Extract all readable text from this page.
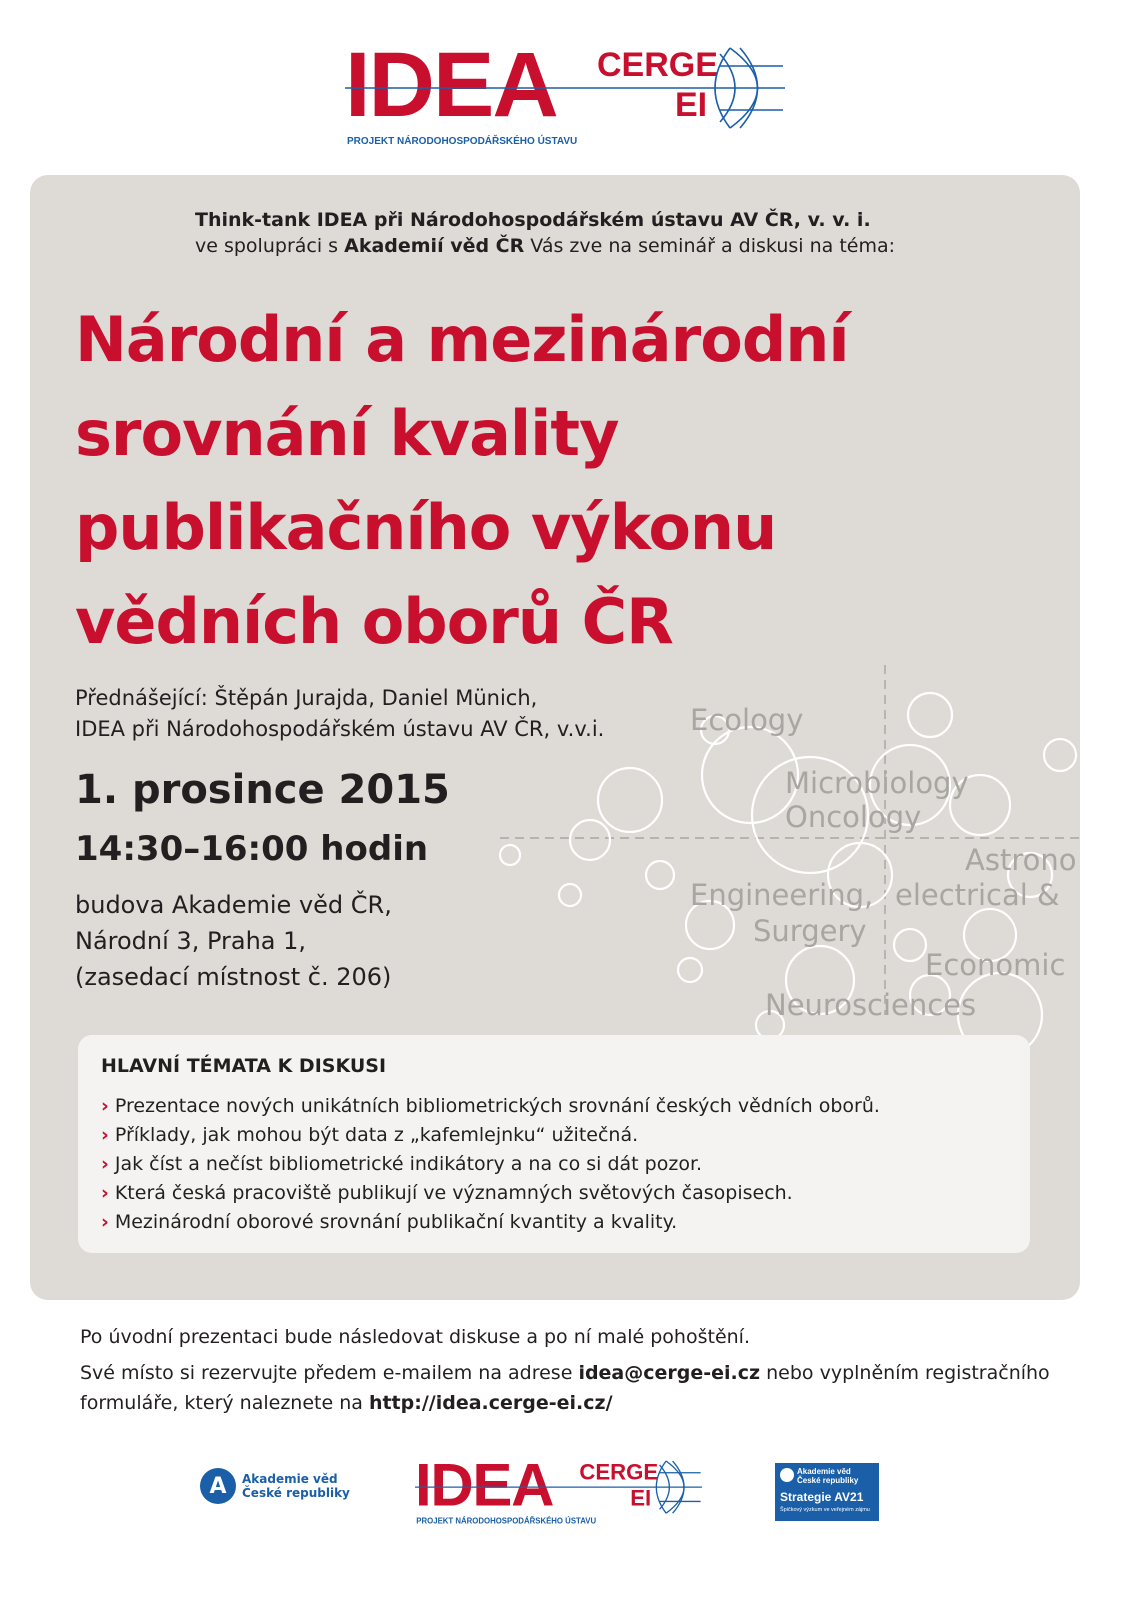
IDEA CERGE
EI
PROJEKT NÁRODOHOSPODÁŘSKÉHO ÚSTAVU
Ecology
Microbiology
Oncology
Astrono
Engineering, electrical &
Surgery
Economic
Neurosciences
Think-tank IDEA při Národohospodářském ústavu AV ČR, v. v. i.
ve spolupráci s Akademií věd ČR Vás zve na seminář a diskusi na téma:
Národní a mezinárodní
srovnání kvality
publikačního výkonu
vědních oborů ČR
Přednášející: Štěpán Jurajda, Daniel Münich,
IDEA při Národohospodářském ústavu AV ČR, v.v.i.
1. prosince 2015
14:30–16:00 hodin
budova Akademie věd ČR,
Národní 3, Praha 1,
(zasedací místnost č. 206)
HLAVNÍ TÉMATA K DISKUSI
› Prezentace nových unikátních bibliometrických srovnání českých vědních oborů.
› Příklady, jak mohou být data z „kafemlejnku“ užitečná.
› Jak číst a nečíst bibliometrické indikátory a na co si dát pozor.
› Která česká pracoviště publikují ve významných světových časopisech.
› Mezinárodní oborové srovnání publikační kvantity a kvality.

Po úvodní prezentaci bude následovat diskuse a po ní malé pohoštění.

Své místo si rezervujte předem e-mailem na adrese idea@cerge-ei.cz nebo vyplněním registračního formuláře, který naleznete na http://idea.cerge-ei.cz/

A	Akademie věd
České republiky IDEA CERGE
EI
PROJEKT NÁRODOHOSPODÁŘSKÉHO ÚSTAVU
Akademie věd
České republiky
Strategie AV21
Špičkový výzkum ve veřejném zájmu
